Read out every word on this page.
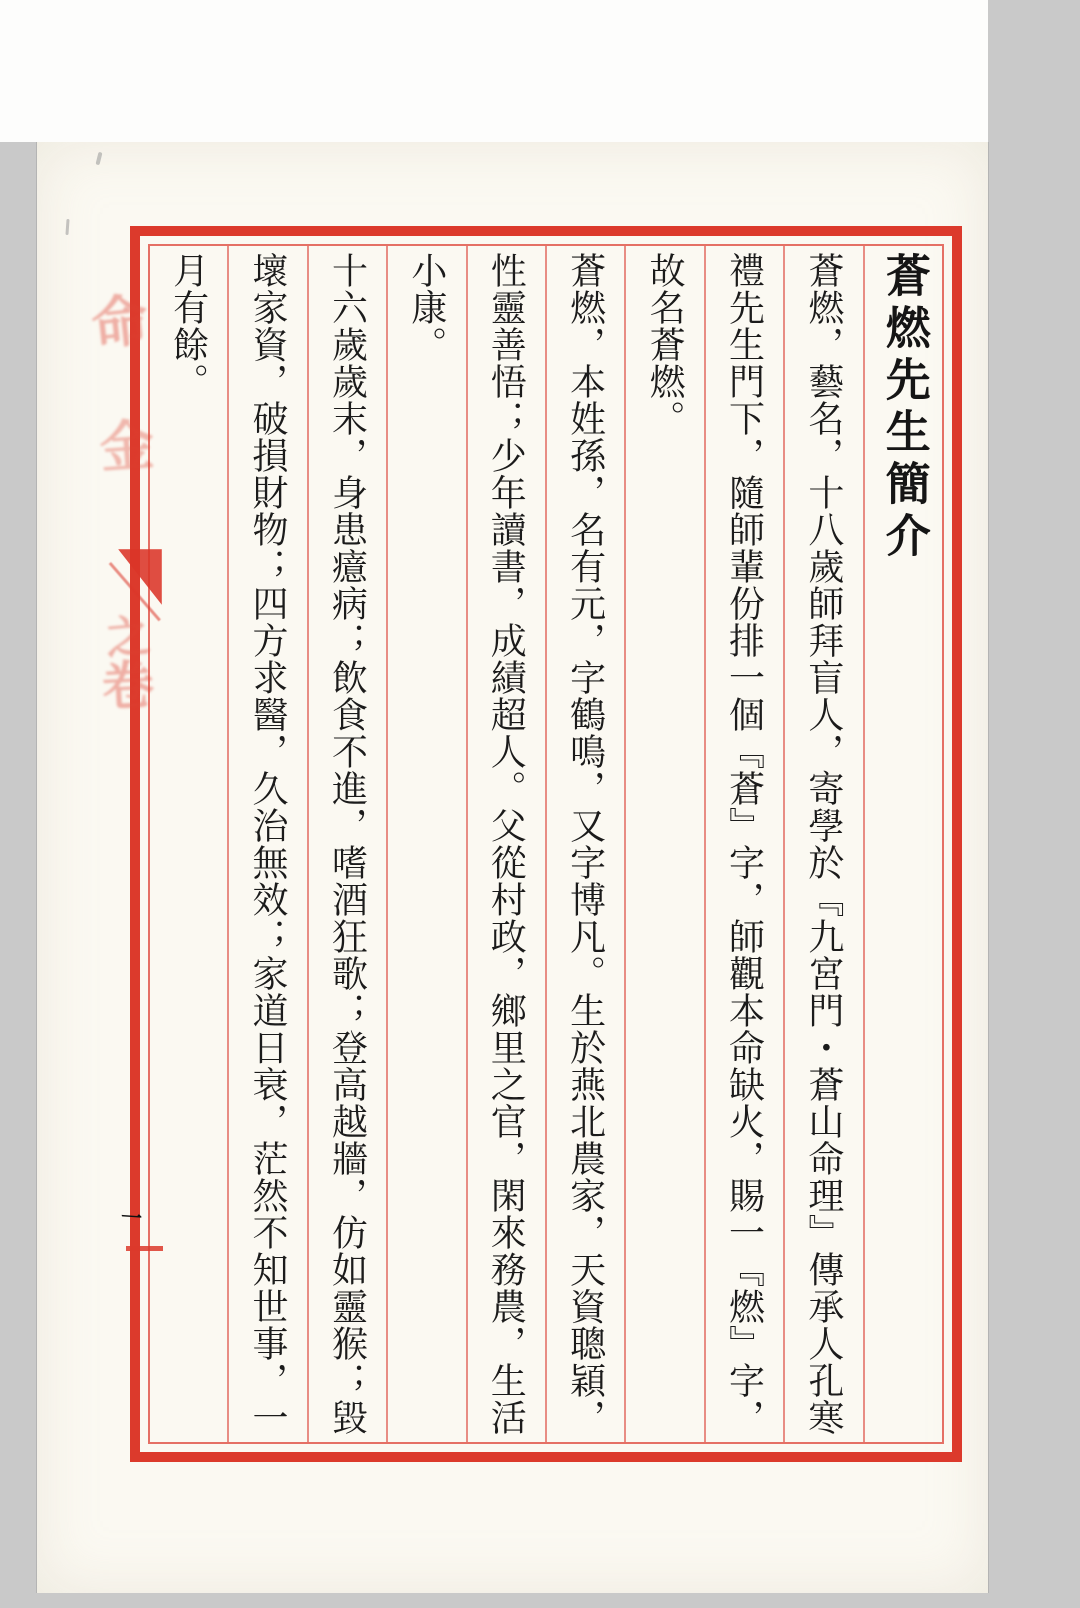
蒼燃先生簡介
蒼燃，藝名，十八歲師拜盲人，寄學於『九宮門・蒼山命理』傳承人孔寒
禮先生門下，隨師輩份排一個『蒼』字，師觀本命缺火，賜一『燃』字，
故名蒼燃。
蒼燃，本姓孫，名有元，字鶴鳴，又字博凡。生於燕北農家，天資聰穎，
性靈善悟；少年讀書，成績超人。父從村政，鄉里之官，閑來務農，生活
小康。
十六歲歲末，身患癔病；飲食不進，嗜酒狂歌；登高越牆，仿如靈猴；毀
壞家資，破損財物；四方求醫，久治無效；家道日衰，茫然不知世事，一
月有餘。
命
金
之
卷
一
